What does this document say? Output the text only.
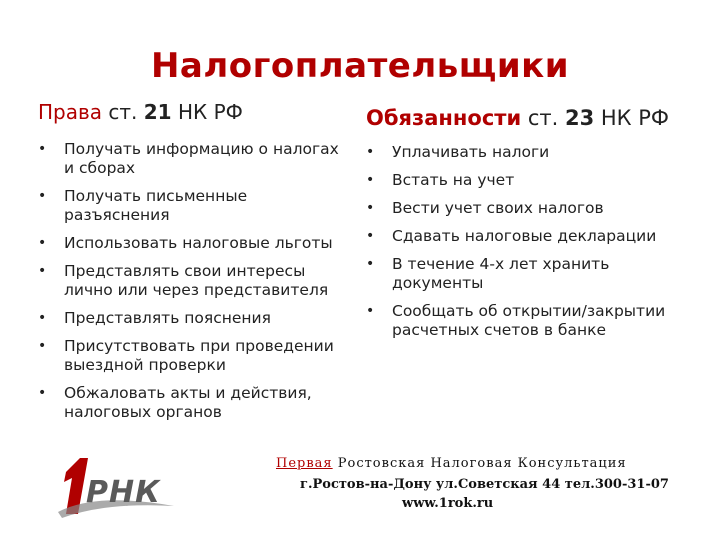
Налогоплательщики
Права ст. 21 НК РФ	Обязанности ст. 23 НК РФ
• Получать информацию о налогах и сборах
• Получать письменные разъяснения
• Использовать налоговые льготы
• Представлять свои интересы лично или через представителя
• Представлять пояснения
• Присутствовать при проведении выездной проверки
• Обжаловать акты и действия, налоговых органов
• Уплачивать налоги
• Встать на учет
• Вести учет своих налогов
• Сдавать налоговые декларации
• В течение 4-х лет хранить документы
• Сообщать об открытии/закрытии расчетных счетов в банке
РНК
Первая Ростовская Налоговая Консультация
г.Ростов-на-Дону ул.Советская 44 тел.300-31-07
www.1rok.ru
